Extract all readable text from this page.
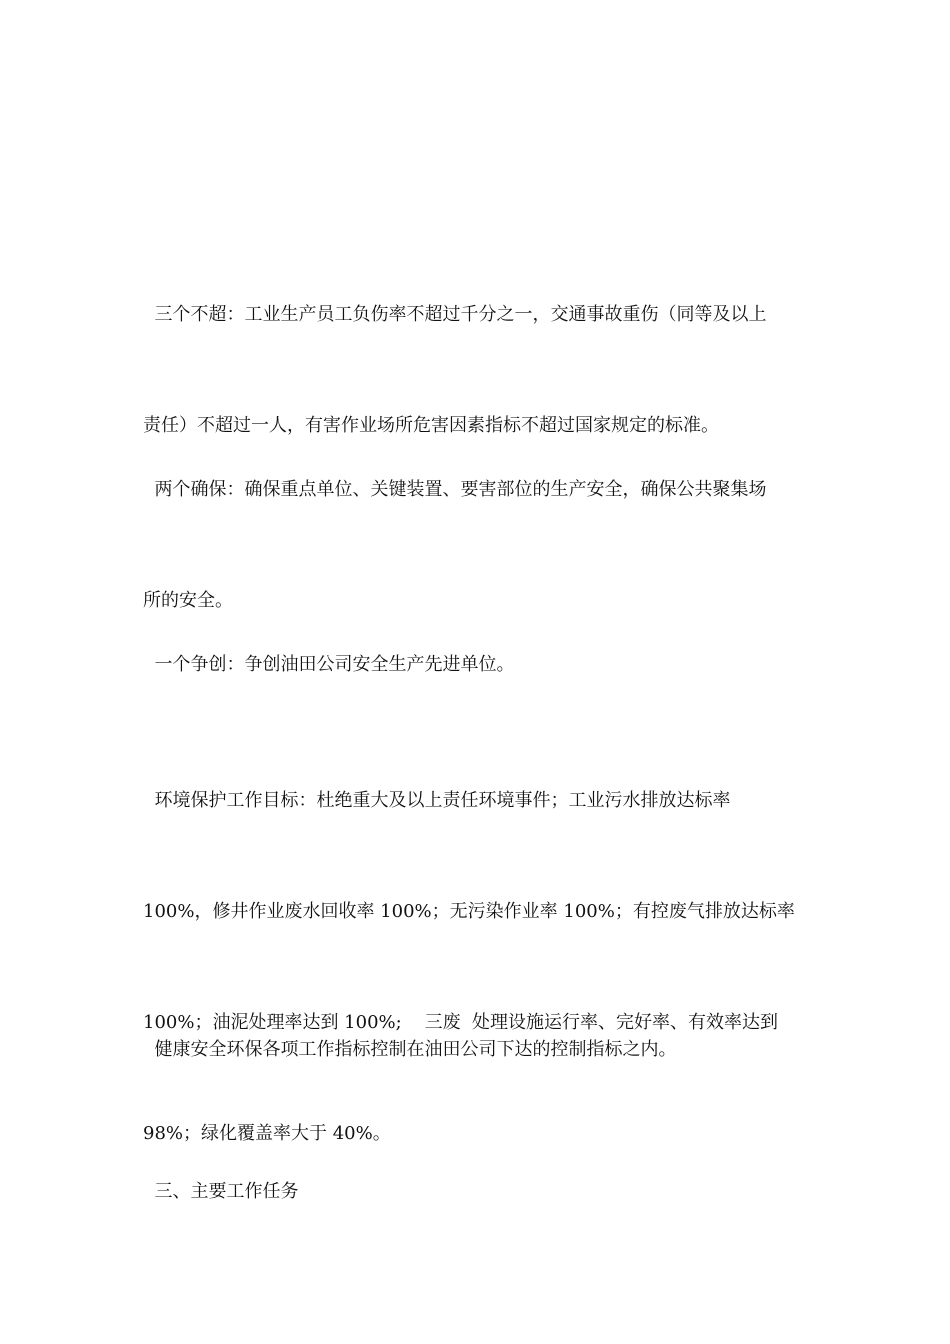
三个不超：工业生产员工负伤率不超过千分之一，交通事故重伤（同等及以上

责任）不超过一人，有害作业场所危害因素指标不超过国家规定的标准。

两个确保：确保重点单位、关键装置、要害部位的生产安全，确保公共聚集场

所的安全。

一个争创：争创油田公司安全生产先进单位。

环境保护工作目标：杜绝重大及以上责任环境事件；工业污水排放达标率

100%，修井作业废水回收率 100%；无污染作业率 100%；有控废气排放达标率

100%；油泥处理率达到 100%;    三废  处理设施运行率、完好率、有效率达到

98%；绿化覆盖率大于 40%。

健康安全环保各项工作指标控制在油田公司下达的控制指标之内。

三、主要工作任务
